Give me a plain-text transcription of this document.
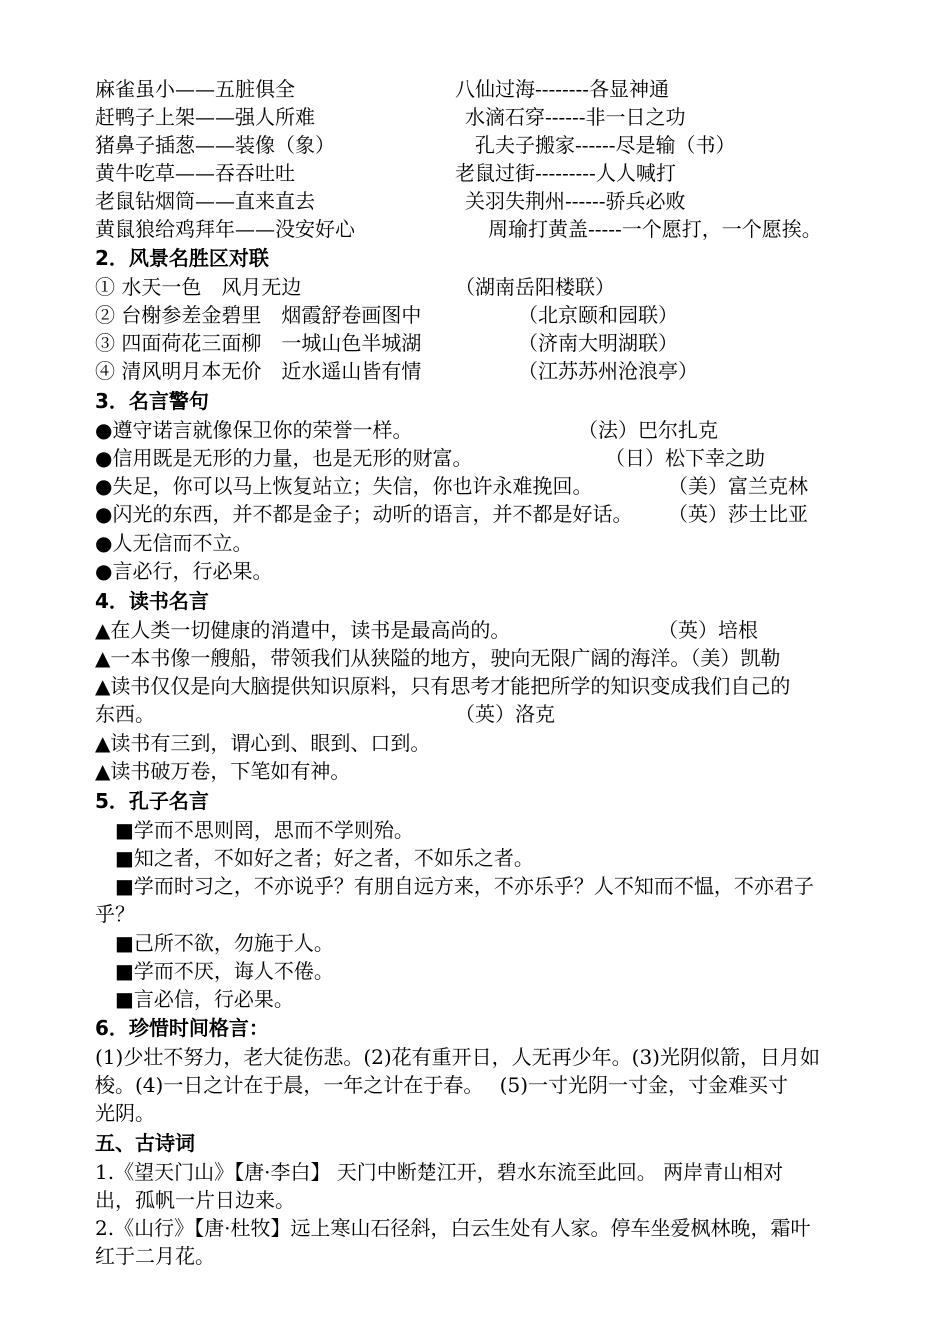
麻雀虽小——五脏俱全	八仙过海--------各显神通
赶鸭子上架——强人所难	水滴石穿------非一日之功
猪鼻子插葱——装像（象）	孔夫子搬家------尽是输（书）
黄牛吃草——吞吞吐吐	老鼠过街---------人人喊打
老鼠钻烟筒——直来直去	关羽失荆州------骄兵必败
黄鼠狼给鸡拜年——没安好心	周瑜打黄盖-----一个愿打，一个愿挨。
2．风景名胜区对联
① 水天一色　风月无边	（湖南岳阳楼联）
② 台榭参差金碧里　烟霞舒卷画图中	（北京颐和园联）
③ 四面荷花三面柳　一城山色半城湖	（济南大明湖联）
④ 清风明月本无价　近水遥山皆有情	（江苏苏州沧浪亭）
3．名言警句
●遵守诺言就像保卫你的荣誉一样。	（法）巴尔扎克
●信用既是无形的力量，也是无形的财富。	（日）松下幸之助
●失足，你可以马上恢复站立；失信，你也许永难挽回。	（美）富兰克林
●闪光的东西，并不都是金子；动听的语言，并不都是好话。 （英）莎士比亚
●人无信而不立。
●言必行，行必果。
4．读书名言
▲在人类一切健康的消遣中，读书是最高尚的。	（英）培根
▲一本书像一艘船，带领我们从狭隘的地方，驶向无限广阔的海洋。（美）凯勒
▲读书仅仅是向大脑提供知识原料，只有思考才能把所学的知识变成我们自己的
东西。	（英）洛克
▲读书有三到，谓心到、眼到、口到。
▲读书破万卷，下笔如有神。
5．孔子名言
■学而不思则罔，思而不学则殆。
■知之者，不如好之者；好之者，不如乐之者。
■学而时习之，不亦说乎？有朋自远方来，不亦乐乎？人不知而不愠，不亦君子
乎？
■己所不欲，勿施于人。
■学而不厌，诲人不倦。
■言必信，行必果。
6．珍惜时间格言：
(1)少壮不努力，老大徒伤悲。(2)花有重开日，人无再少年。(3)光阴似箭，日月如
梭。(4)一日之计在于晨，一年之计在于春。　 (5)一寸光阴一寸金，寸金难买寸
光阴。
五、古诗词
1.《望天门山》【唐·李白】 天门中断楚江开，碧水东流至此回。 两岸青山相对
出，孤帆一片日边来。
2.《山行》【唐·杜牧】远上寒山石径斜，白云生处有人家。停车坐爱枫林晚，霜叶
红于二月花。
